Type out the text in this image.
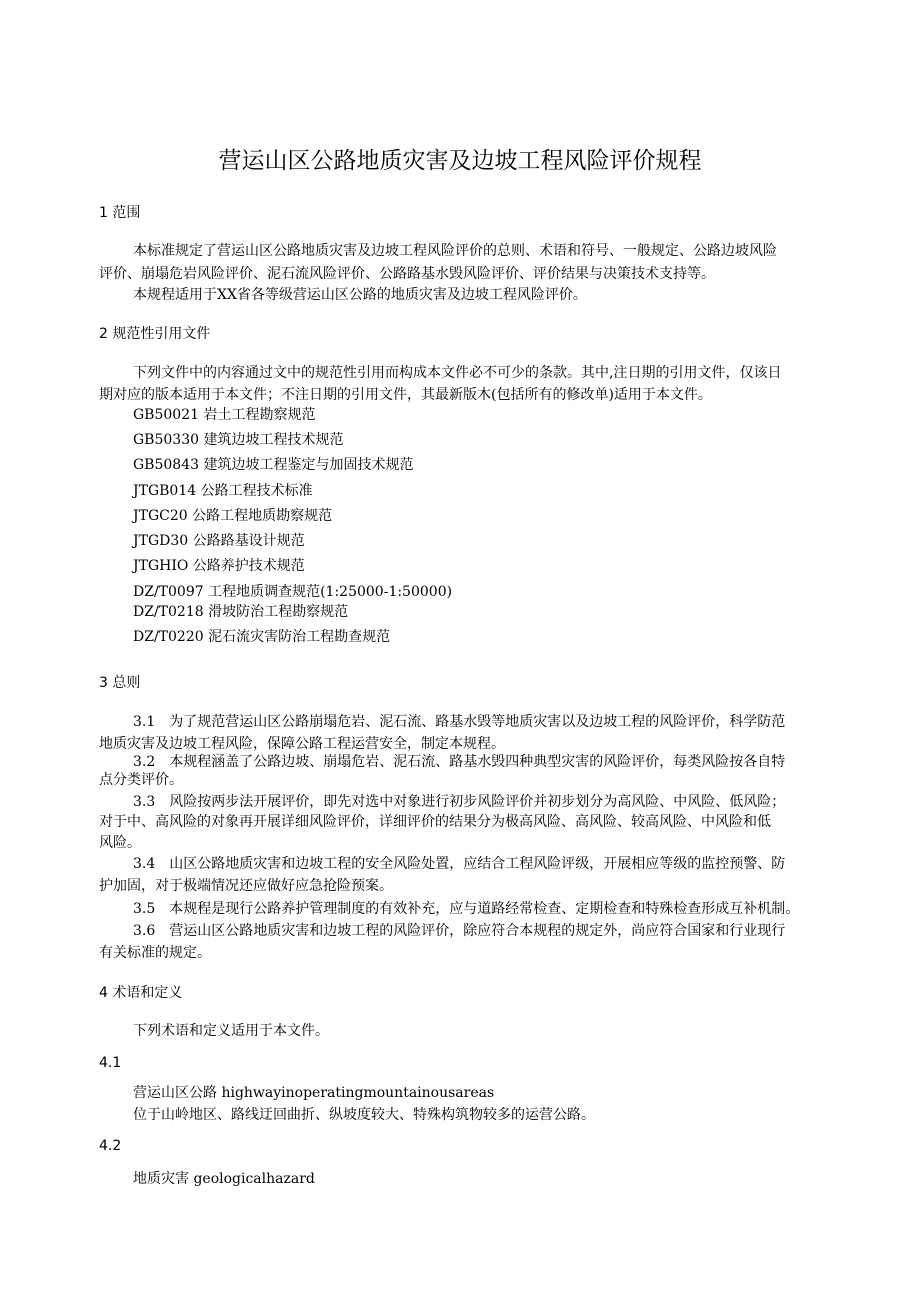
营运山区公路地质灾害及边坡工程风险评价规程
1 范围
本标准规定了营运山区公路地质灾害及边坡工程风险评价的总则、术语和符号、一般规定、公路边坡风险
评价、崩塌危岩风险评价、泥石流风险评价、公路路基水毁风险评价、评价结果与决策技术支持等。
本规程适用于XX省各等级营运山区公路的地质灾害及边坡工程风险评价。
2 规范性引用文件
下列文件中的内容通过文中的规范性引用而构成本文件必不可少的条款。其中,注日期的引用文件，仅该日
期对应的版本适用于本文件；不注日期的引用文件，其最新版木(包括所有的修改单)适用于本文件。
GB50021 岩土工程勘察规范
GB50330 建筑边坡工程技术规范
GB50843 建筑边坡工程鉴定与加固技术规范
JTGB014 公路工程技术标准
JTGC20 公路工程地质勘察规范
JTGD30 公路路基设计规范
JTGHIO 公路养护技术规范
DZ/T0097 工程地质调查规范(1:25000-1:50000)
DZ/T0218 滑坡防治工程勘察规范
DZ/T0220 泥石流灾害防治工程勘查规范
3 总则
3.1　为了规范营运山区公路崩塌危岩、泥石流、路基水毁等地质灾害以及边坡工程的风险评价，科学防范
地质灾害及边坡工程风险，保障公路工程运营安全，制定本规程。
3.2　本规程涵盖了公路边坡、崩塌危岩、泥石流、路基水毁四种典型灾害的风险评价，每类风险按各自特
点分类评价。
3.3　风险按两步法开展评价，即先对选中对象进行初步风险评价并初步划分为高风险、中风险、低风险；
对于中、高风险的对象再开展详细风险评价，详细评价的结果分为极高风险、高风险、较高风险、中风险和低
风险。
3.4　山区公路地质灾害和边坡工程的安全风险处置，应结合工程风险评级，开展相应等级的监控预警、防
护加固，对于极端情况还应做好应急抢险预案。
3.5　本规程是现行公路养护管理制度的有效补充，应与道路经常检查、定期检查和特殊检查形成互补机制。
3.6　营运山区公路地质灾害和边坡工程的风险评价，除应符合本规程的规定外，尚应符合国家和行业现行
有关标准的规定。
4 术语和定义
下列术语和定义适用于本文件。
4.1
营运山区公路 highwayinoperatingmountainousareas
位于山岭地区、路线迂回曲折、纵坡度较大、特殊构筑物较多的运营公路。
4.2
地质灾害 geologicalhazard
